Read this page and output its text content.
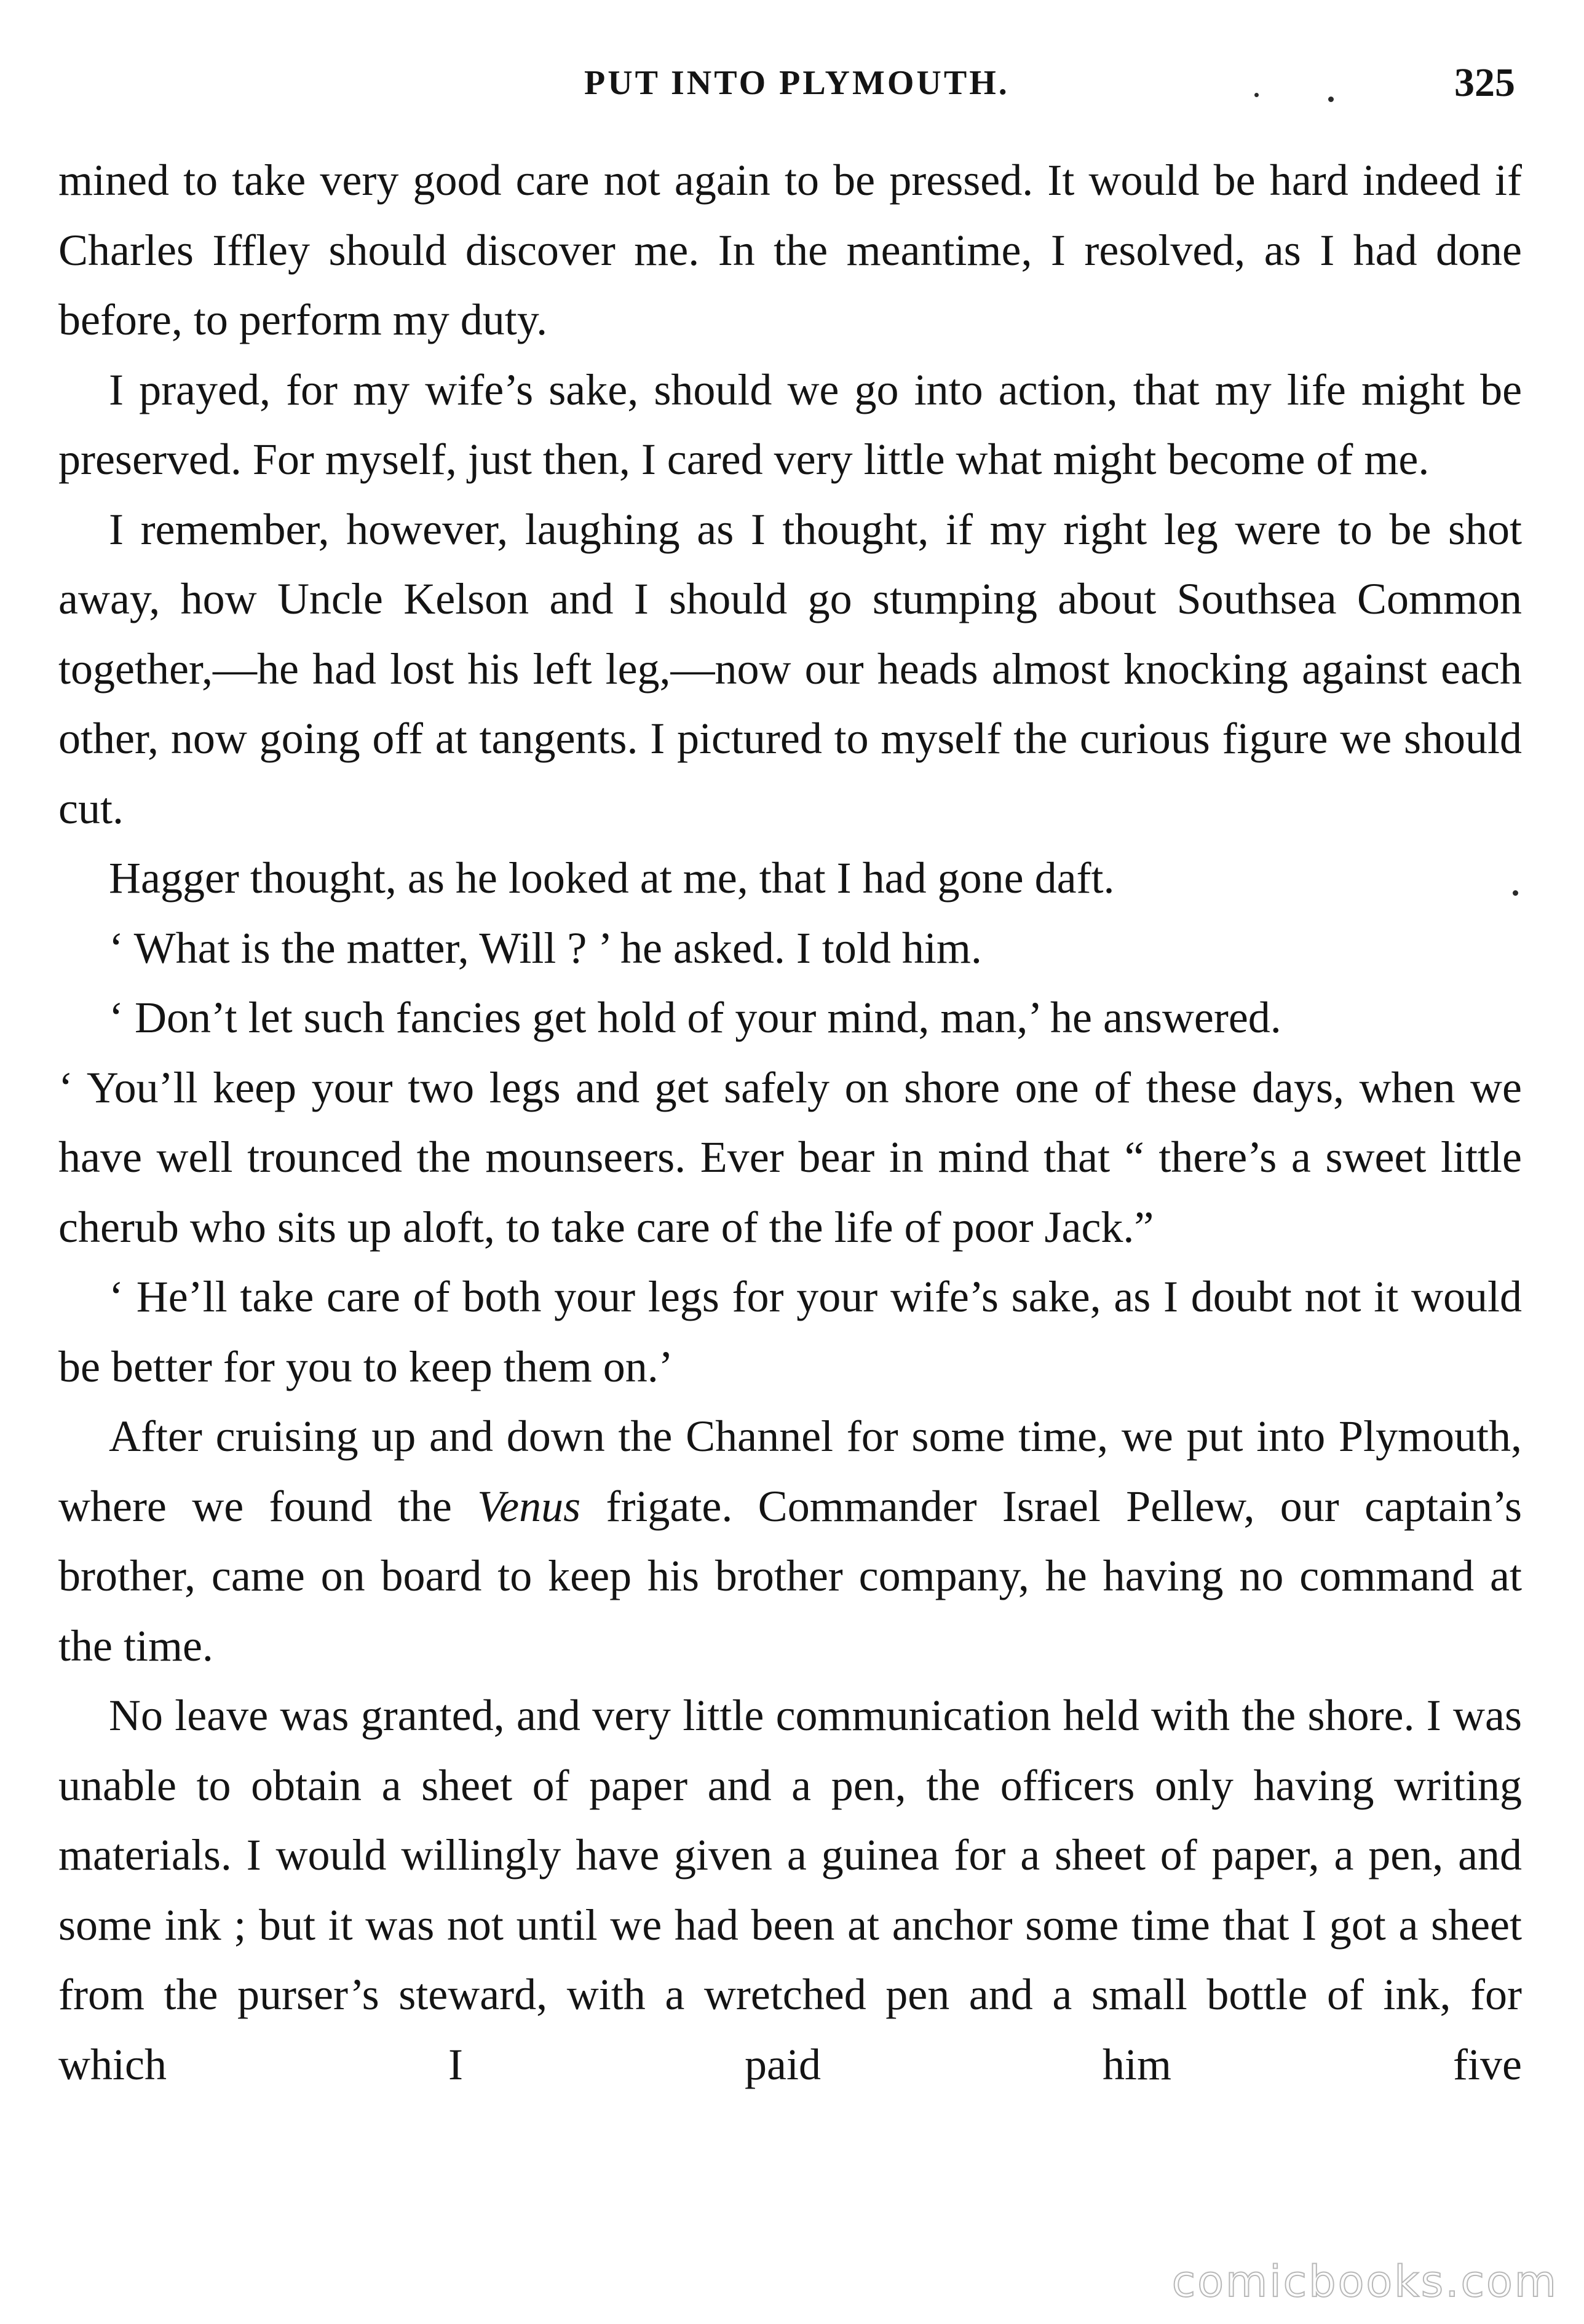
PUT INTO PLYMOUTH.	325

mined to take very good care not again to be pressed. It would be hard indeed if Charles Iffley should discover me. In the meantime, I resolved, as I had done before, to perform my duty.

I prayed, for my wife’s sake, should we go into action, that my life might be preserved. For myself, just then, I cared very little what might become of me.

I remember, however, laughing as I thought, if my right leg were to be shot away, how Uncle Kelson and I should go stumping about Southsea Common together,—he had lost his left leg,—now our heads almost knocking against each other, now going off at tangents. I pictured to myself the curious figure we should cut.

Hagger thought, as he looked at me, that I had gone daft.

‘ What is the matter, Will ? ’ he asked. I told him.

‘ Don’t let such fancies get hold of your mind, man,’ he answered.

‘ You’ll keep your two legs and get safely on shore one of these days, when we have well trounced the mounseers. Ever bear in mind that “ there’s a sweet little cherub who sits up aloft, to take care of the life of poor Jack.”

‘ He’ll take care of both your legs for your wife’s sake, as I doubt not it would be better for you to keep them on.’

After cruising up and down the Channel for some time, we put into Plymouth, where we found the Venus frigate. Commander Israel Pellew, our captain’s brother, came on board to keep his brother company, he having no command at the time.

No leave was granted, and very little communication held with the shore. I was unable to obtain a sheet of paper and a pen, the officers only having writing materials. I would willingly have given a guinea for a sheet of paper, a pen, and some ink ; but it was not until we had been at anchor some time that I got a sheet from the purser’s steward, with a wretched pen and a small bottle of ink, for which I paid him five

comicbooks.com
